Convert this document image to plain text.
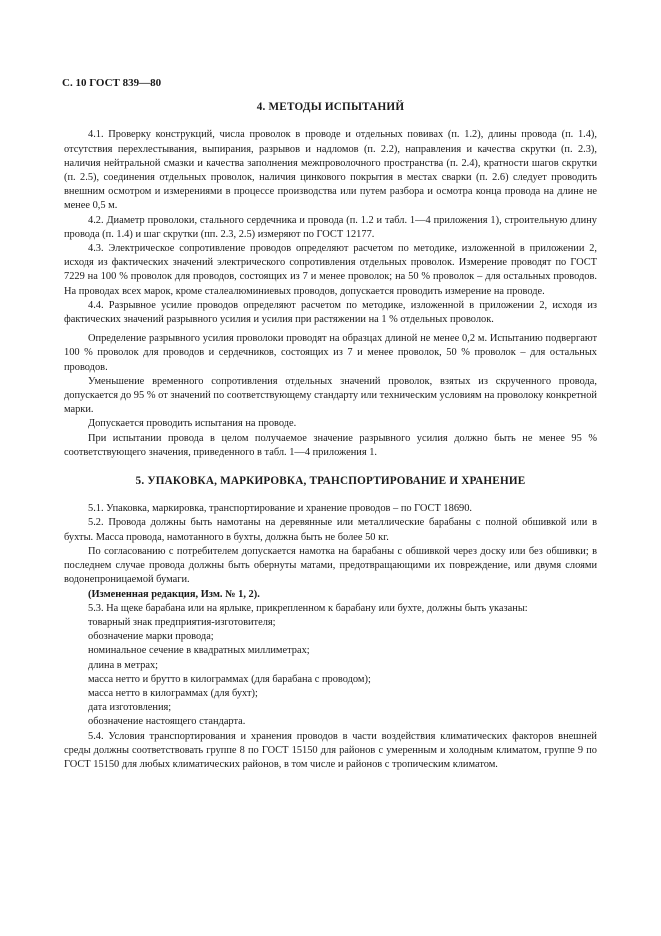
С. 10 ГОСТ 839—80
4. МЕТОДЫ ИСПЫТАНИЙ

4.1. Проверку конструкций, числа проволок в проводе и отдельных повивах (п. 1.2), длины провода (п. 1.4), отсутствия перехлестывания, выпирания, разрывов и надломов (п. 2.2), направления и качества скрутки (п. 2.3), наличия нейтральной смазки и качества заполнения межпроволочного пространства (п. 2.4), кратности шагов скрутки (п. 2.5), соединения отдельных проволок, наличия цинкового покрытия в местах сварки (п. 2.6) следует проводить внешним осмотром и измерениями в процессе производства или путем разбора и осмотра конца провода на длине не менее 0,5 м.

4.2. Диаметр проволоки, стального сердечника и провода (п. 1.2 и табл. 1—4 приложения 1), строительную длину провода (п. 1.4) и шаг скрутки (пп. 2.3, 2.5) измеряют по ГОСТ 12177.

4.3. Электрическое сопротивление проводов определяют расчетом по методике, изложенной в приложении 2, исходя из фактических значений электрического сопротивления отдельных проволок. Измерение проводят по ГОСТ 7229 на 100 % проволок для проводов, состоящих из 7 и менее проволок; на 50 % проволок – для остальных проводов. На проводах всех марок, кроме сталеалюминиевых проводов, допускается проводить измерение на проводе.

4.4. Разрывное усилие проводов определяют расчетом по методике, изложенной в приложении 2, исходя из фактических значений разрывного усилия и усилия при растяжении на 1 % отдельных проволок.

Определение разрывного усилия проволоки проводят на образцах длиной не менее 0,2 м. Испытанию подвергают 100 % проволок для проводов и сердечников, состоящих из 7 и менее проволок, 50 % проволок – для остальных проводов.

Уменьшение временного сопротивления отдельных значений проволок, взятых из скрученного провода, допускается до 95 % от значений по соответствующему стандарту или техническим условиям на проволоку конкретной марки.

Допускается проводить испытания на проводе.

При испытании провода в целом получаемое значение разрывного усилия должно быть не менее 95 % соответствующего значения, приведенного в табл. 1—4 приложения 1.

5. УПАКОВКА, МАРКИРОВКА, ТРАНСПОРТИРОВАНИЕ И ХРАНЕНИЕ

5.1. Упаковка, маркировка, транспортирование и хранение проводов – по ГОСТ 18690.

5.2. Провода должны быть намотаны на деревянные или металлические барабаны с полной обшивкой или в бухты. Масса провода, намотанного в бухты, должна быть не более 50 кг.

По согласованию с потребителем допускается намотка на барабаны с обшивкой через доску или без обшивки; в последнем случае провода должны быть обернуты матами, предотвращающими их повреждение, или двумя слоями водонепроницаемой бумаги.

(Измененная редакция, Изм. № 1, 2).

5.3. На щеке барабана или на ярлыке, прикрепленном к барабану или бухте, должны быть указаны:

товарный знак предприятия-изготовителя;
обозначение марки провода;
номинальное сечение в квадратных миллиметрах;
длина в метрах;
масса нетто и брутто в килограммах (для барабана с проводом);
масса нетто в килограммах (для бухт);
дата изготовления;
обозначение настоящего стандарта.

5.4. Условия транспортирования и хранения проводов в части воздействия климатических факторов внешней среды должны соответствовать группе 8 по ГОСТ 15150 для районов с умеренным и холодным климатом, группе 9 по ГОСТ 15150 для любых климатических районов, в том числе и районов с тропическим климатом.
